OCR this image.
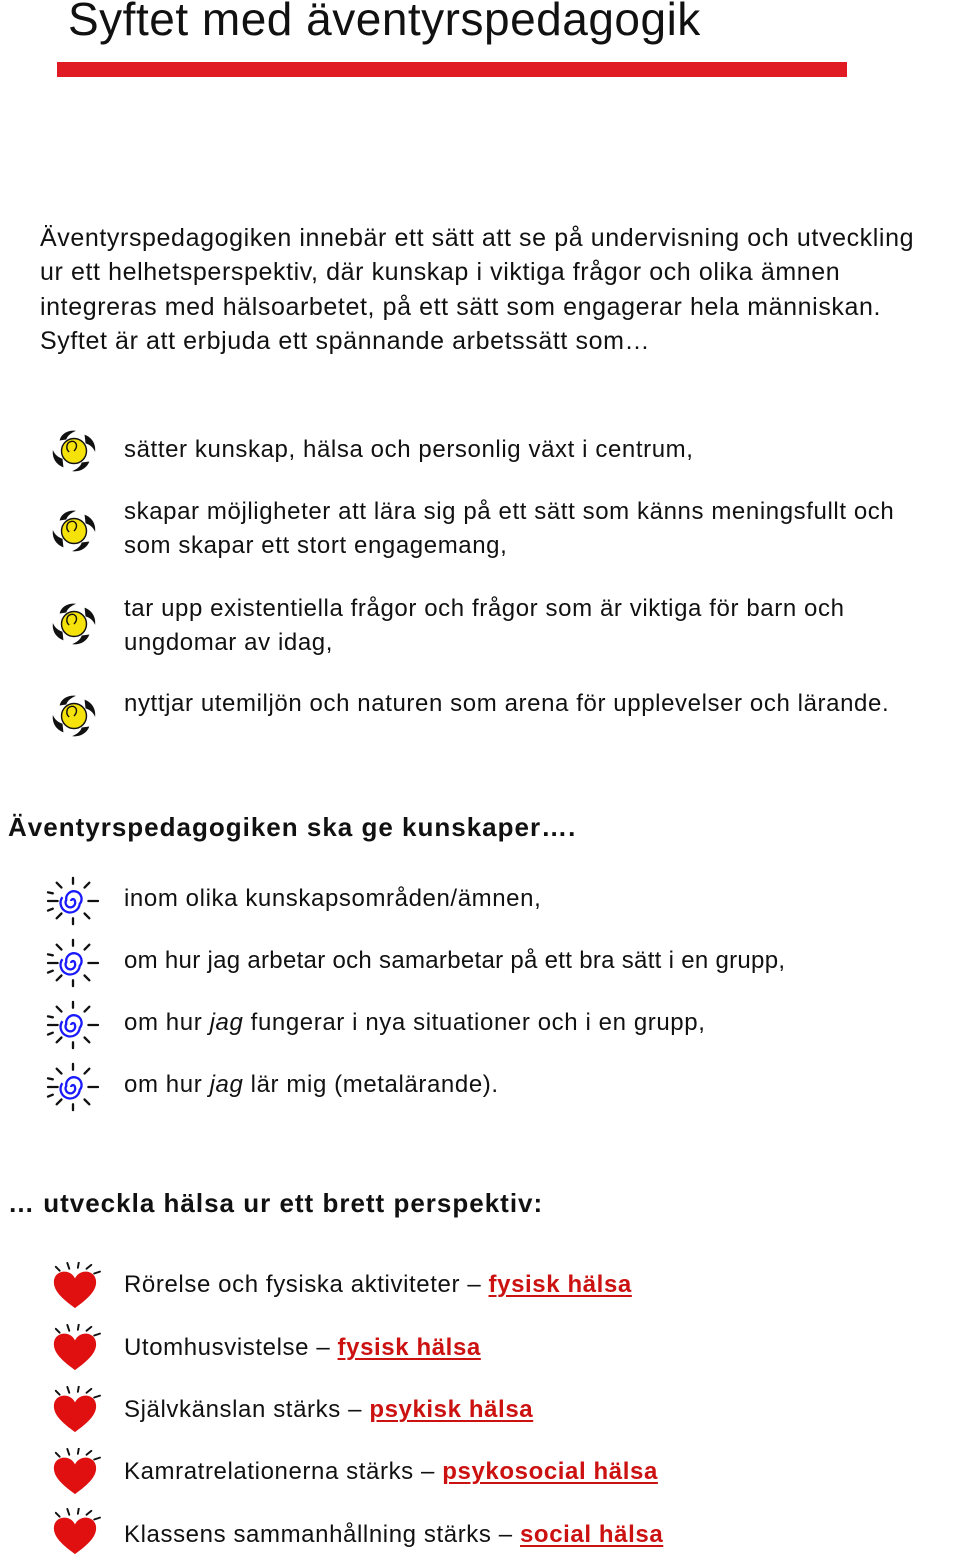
Syftet med äventyrspedagogik

Äventyrspedagogiken innebär ett sätt att se på undervisning och utveckling ur ett helhetsperspektiv, där kunskap i viktiga frågor och olika ämnen integreras med hälsoarbetet, på ett sätt som engagerar hela människan. Syftet är att erbjuda ett spännande arbetssätt som…

sätter kunskap, hälsa och personlig växt i centrum,

skapar möjligheter att lära sig på ett sätt som känns meningsfullt och som skapar ett stort engagemang,

tar upp existentiella frågor och frågor som är viktiga för barn och ungdomar av idag,

nyttjar utemiljön och naturen som arena för upplevelser och lärande.

Äventyrspedagogiken ska ge kunskaper….

inom olika kunskapsområden/ämnen,

om hur jag arbetar och samarbetar på ett bra sätt i en grupp,

om hur jag fungerar i nya situationer och i en grupp,

om hur jag lär mig (metalärande).

… utveckla hälsa ur ett brett perspektiv:

Rörelse och fysiska aktiviteter – fysisk hälsa

Utomhusvistelse – fysisk hälsa

Självkänslan stärks – psykisk hälsa

Kamratrelationerna stärks – psykosocial hälsa

Klassens sammanhållning stärks – social hälsa
